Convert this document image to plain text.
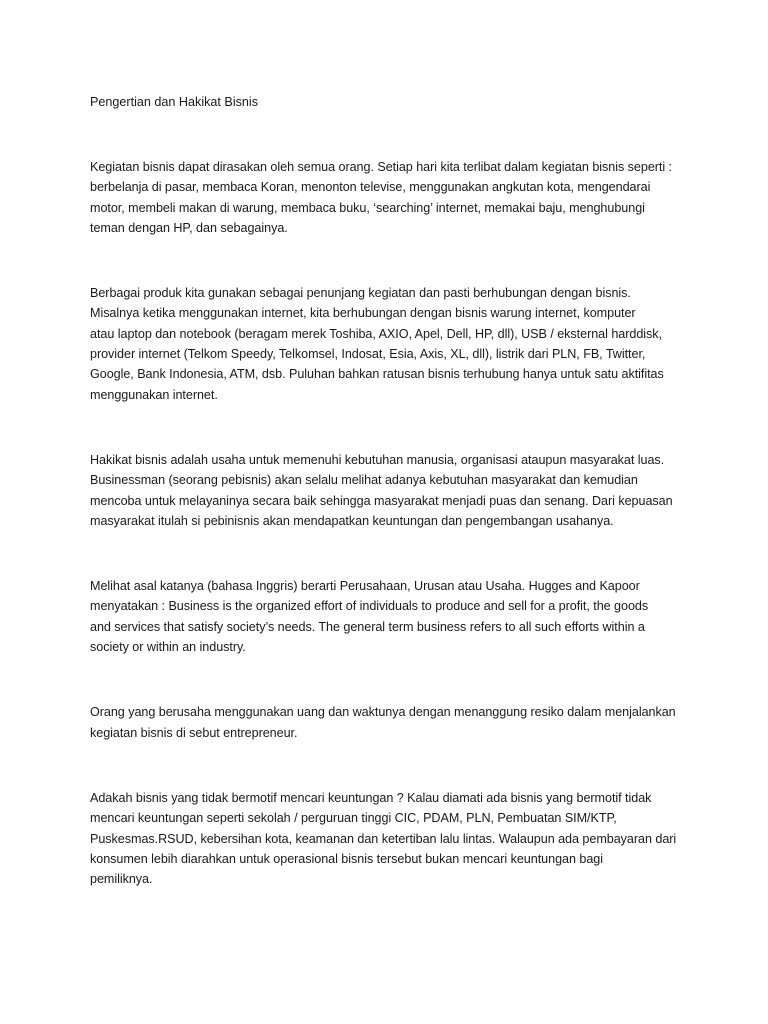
Pengertian dan Hakikat Bisnis

Kegiatan bisnis dapat dirasakan oleh semua orang. Setiap hari kita terlibat dalam kegiatan bisnis seperti :
berbelanja di pasar, membaca Koran, menonton televise, menggunakan angkutan kota, mengendarai
motor, membeli makan di warung, membaca buku, ‘searching’ internet, memakai baju, menghubungi
teman dengan HP, dan sebagainya.

Berbagai produk kita gunakan sebagai penunjang kegiatan dan pasti berhubungan dengan bisnis.
Misalnya ketika menggunakan internet, kita berhubungan dengan bisnis warung internet, komputer
atau laptop dan notebook (beragam merek Toshiba, AXIO, Apel, Dell, HP, dll), USB / eksternal harddisk,
provider internet (Telkom Speedy, Telkomsel, Indosat, Esia, Axis, XL, dll), listrik dari PLN, FB, Twitter,
Google, Bank Indonesia, ATM, dsb. Puluhan bahkan ratusan bisnis terhubung hanya untuk satu aktifitas
menggunakan internet.

Hakikat bisnis adalah usaha untuk memenuhi kebutuhan manusia, organisasi ataupun masyarakat luas.
Businessman (seorang pebisnis) akan selalu melihat adanya kebutuhan masyarakat dan kemudian
mencoba untuk melayaninya secara baik sehingga masyarakat menjadi puas dan senang. Dari kepuasan
masyarakat itulah si pebinisnis akan mendapatkan keuntungan dan pengembangan usahanya.

Melihat asal katanya (bahasa Inggris) berarti Perusahaan, Urusan atau Usaha. Hugges and Kapoor
menyatakan : Business is the organized effort of individuals to produce and sell for a profit, the goods
and services that satisfy society’s needs. The general term business refers to all such efforts within a
society or within an industry.

Orang yang berusaha menggunakan uang dan waktunya dengan menanggung resiko dalam menjalankan
kegiatan bisnis di sebut entrepreneur.

Adakah bisnis yang tidak bermotif mencari keuntungan ? Kalau diamati ada bisnis yang bermotif tidak
mencari keuntungan seperti sekolah / perguruan tinggi CIC, PDAM, PLN, Pembuatan SIM/KTP,
Puskesmas.RSUD, kebersihan kota, keamanan dan ketertiban lalu lintas. Walaupun ada pembayaran dari
konsumen lebih diarahkan untuk operasional bisnis tersebut bukan mencari keuntungan bagi
pemiliknya.
